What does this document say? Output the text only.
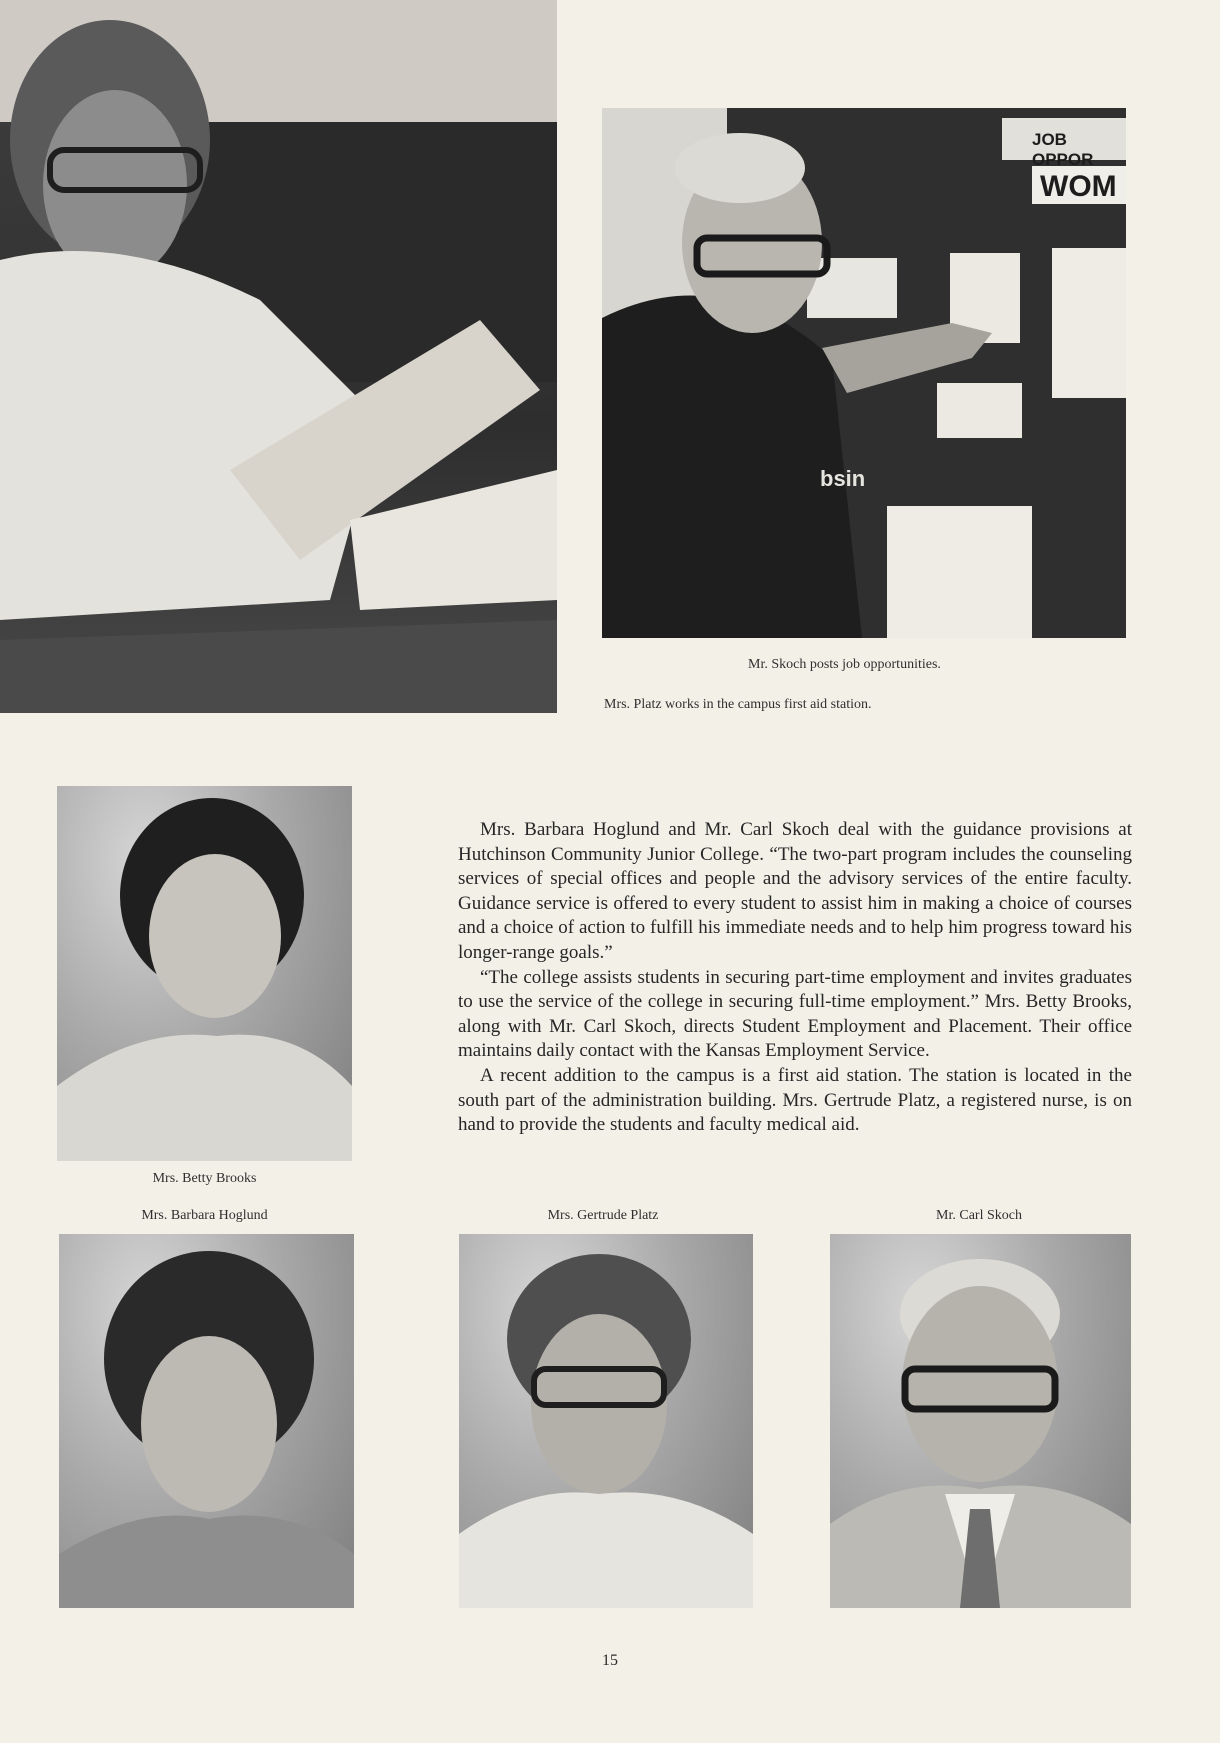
JOB OPPOR
WOM
bsin
Mr. Skoch posts job opportunities.
Mrs. Platz works in the campus first aid station.
Mrs. Betty Brooks

Mrs. Barbara Hoglund and Mr. Carl Skoch deal with the guidance provisions at Hutchinson Community Junior College. “The two-part program includes the counseling services of special offices and people and the advisory services of the entire faculty. Guidance service is offered to every student to assist him in making a choice of courses and a choice of action to fulfill his immediate needs and to help him progress toward his longer-range goals.”

“The college assists students in securing part-time employment and invites graduates to use the service of the college in securing full-time employment.” Mrs. Betty Brooks, along with Mr. Carl Skoch, directs Student Employment and Placement. Their office maintains daily contact with the Kansas Employment Service.

A recent addition to the campus is a first aid station. The station is located in the south part of the administration building. Mrs. Gertrude Platz, a registered nurse, is on hand to provide the students and faculty medical aid.

Mrs. Barbara Hoglund	Mrs. Gertrude Platz	Mr. Carl Skoch
15
